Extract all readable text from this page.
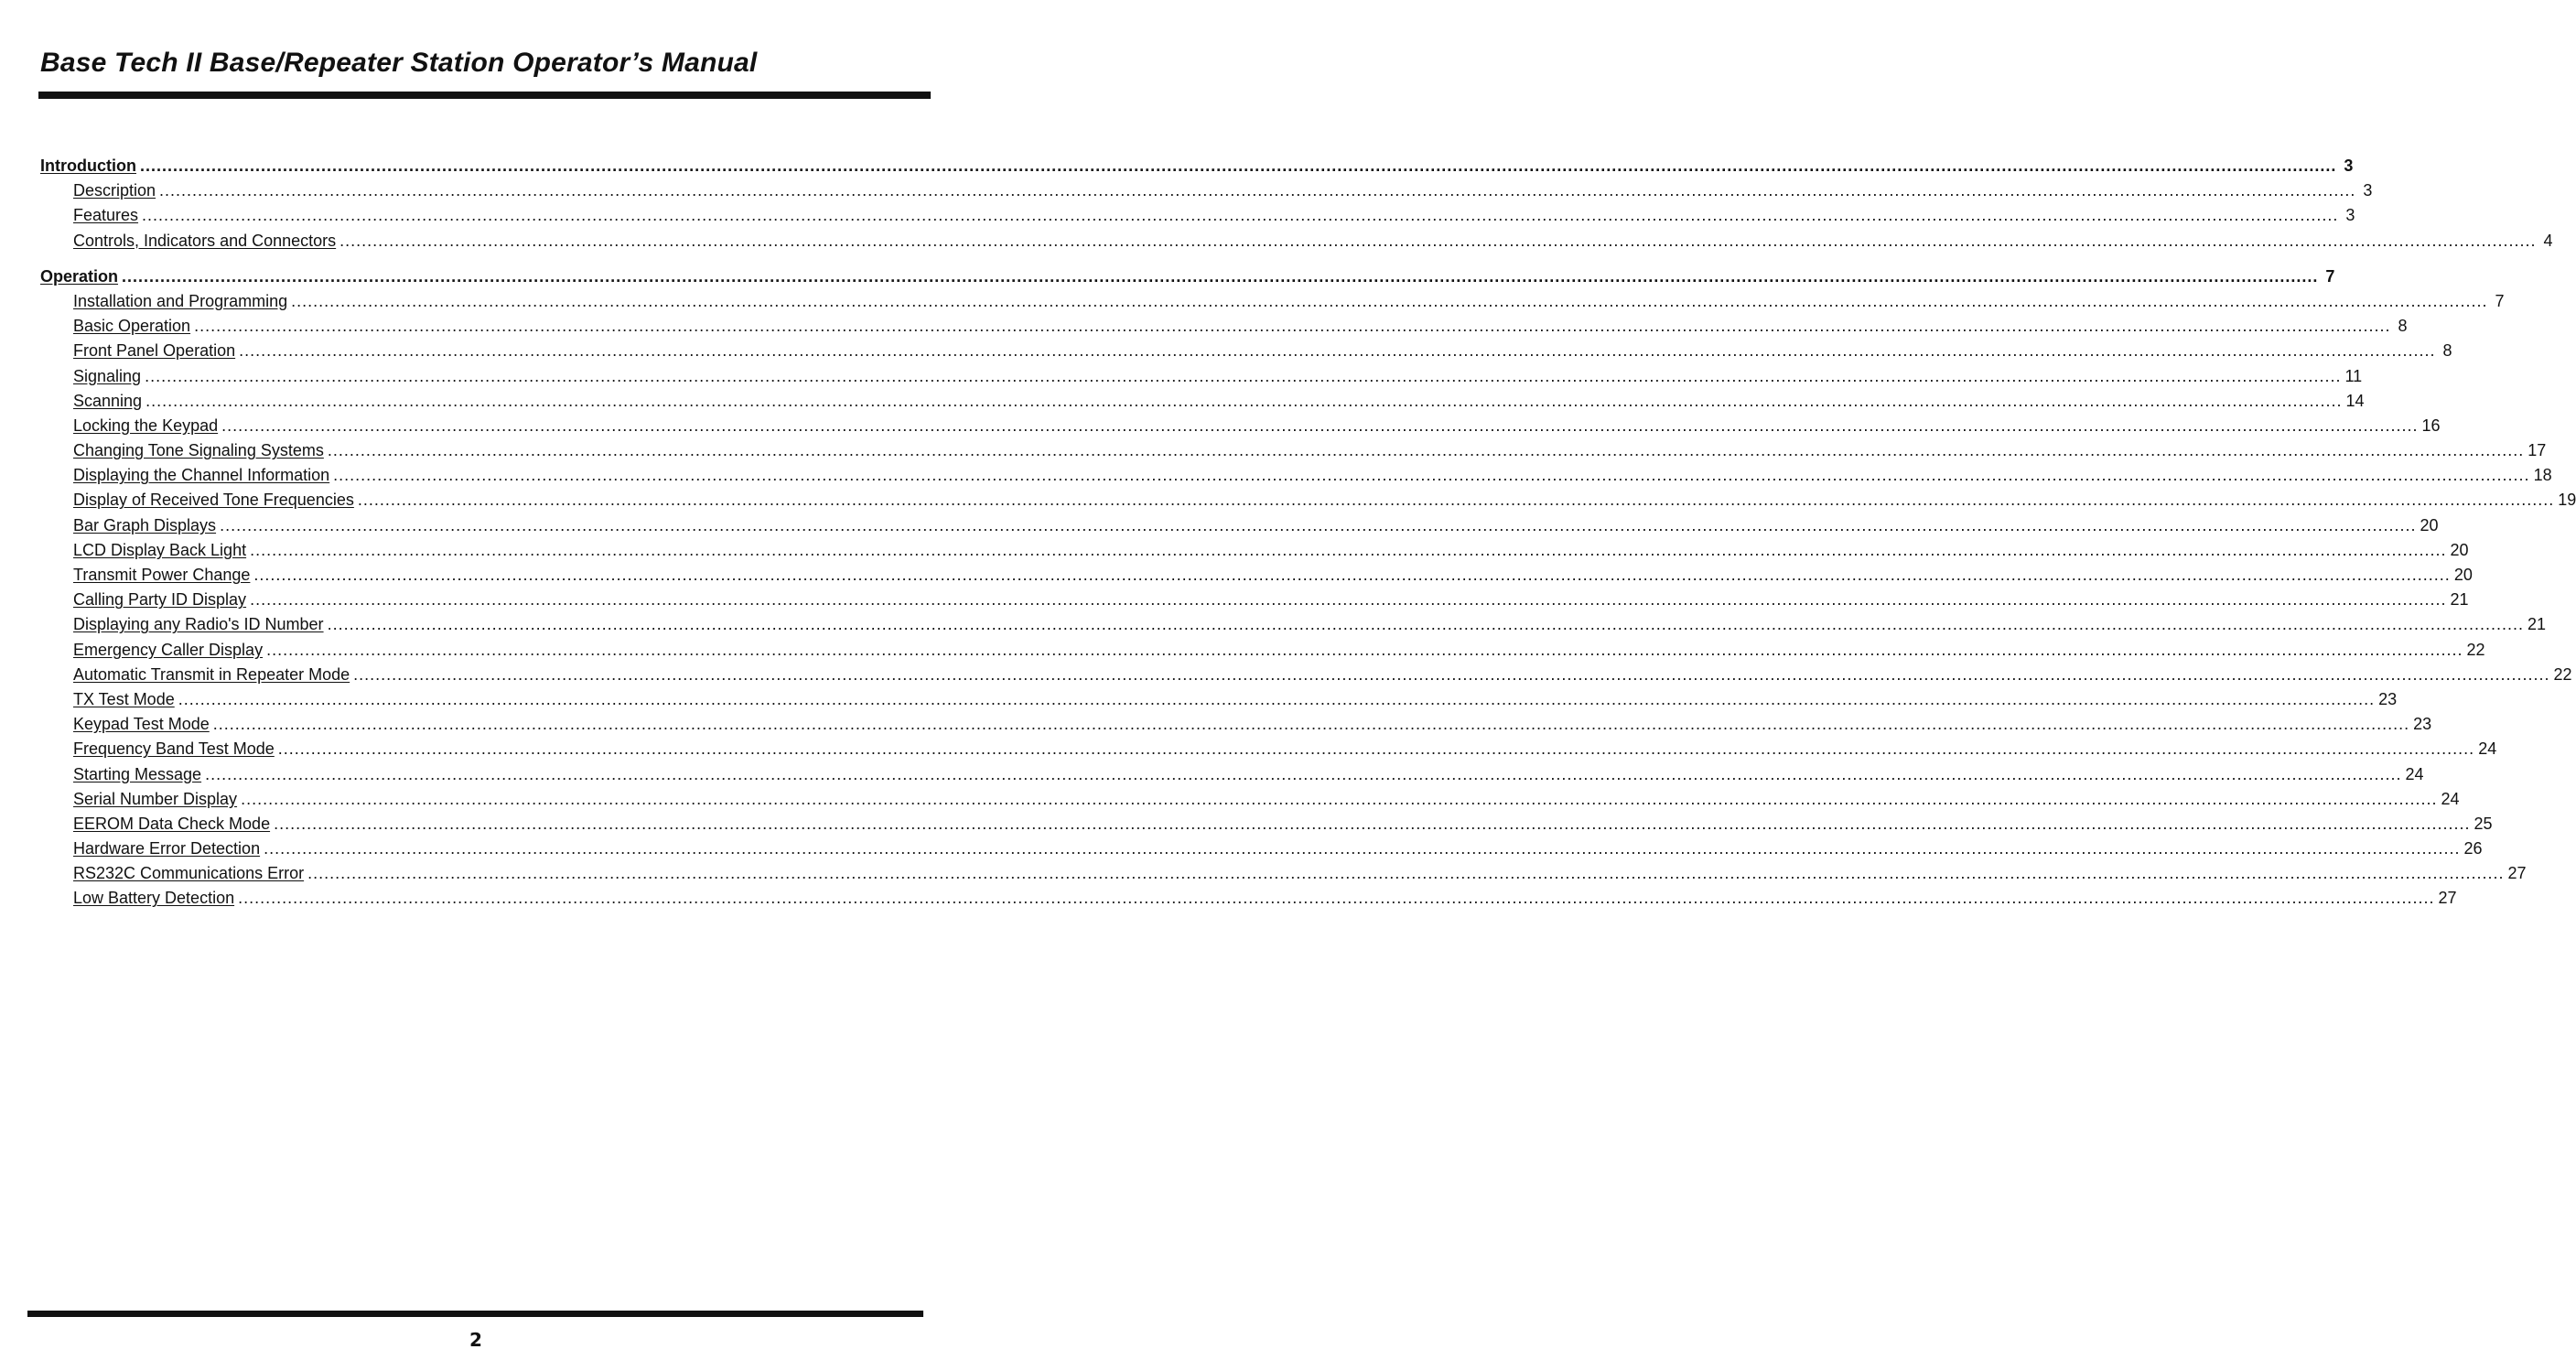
Base Tech II Base/Repeater Station Operator’s Manual
Introduction ................................................................................................................................................................................................................................................................................................................................................................................................................ 3
Description ................................................................................................................................................................................................................................................................................................................................................................................................................ 3
Features ................................................................................................................................................................................................................................................................................................................................................................................................................ 3
Controls, Indicators and Connectors ................................................................................................................................................................................................................................................................................................................................................................................................................ 4
Operation ................................................................................................................................................................................................................................................................................................................................................................................................................ 7
Installation and Programming ................................................................................................................................................................................................................................................................................................................................................................................................................ 7
Basic Operation ................................................................................................................................................................................................................................................................................................................................................................................................................ 8
Front Panel Operation ................................................................................................................................................................................................................................................................................................................................................................................................................ 8
Signaling ................................................................................................................................................................................................................................................................................................................................................................................................................ 11
Scanning ................................................................................................................................................................................................................................................................................................................................................................................................................ 14
Locking the Keypad ................................................................................................................................................................................................................................................................................................................................................................................................................ 16
Changing Tone Signaling Systems ................................................................................................................................................................................................................................................................................................................................................................................................................ 17
Displaying the Channel Information ................................................................................................................................................................................................................................................................................................................................................................................................................ 18
Display of Received Tone Frequencies ................................................................................................................................................................................................................................................................................................................................................................................................................ 19
Bar Graph Displays ................................................................................................................................................................................................................................................................................................................................................................................................................ 20
LCD Display Back Light ................................................................................................................................................................................................................................................................................................................................................................................................................ 20
Transmit Power Change ................................................................................................................................................................................................................................................................................................................................................................................................................ 20
Calling Party ID Display ................................................................................................................................................................................................................................................................................................................................................................................................................ 21
Displaying any Radio's ID Number ................................................................................................................................................................................................................................................................................................................................................................................................................ 21
Emergency Caller Display ................................................................................................................................................................................................................................................................................................................................................................................................................ 22
Automatic Transmit in Repeater Mode ................................................................................................................................................................................................................................................................................................................................................................................................................ 22
TX Test Mode ................................................................................................................................................................................................................................................................................................................................................................................................................ 23
Keypad Test Mode ................................................................................................................................................................................................................................................................................................................................................................................................................ 23
Frequency Band Test Mode ................................................................................................................................................................................................................................................................................................................................................................................................................ 24
Starting Message ................................................................................................................................................................................................................................................................................................................................................................................................................ 24
Serial Number Display ................................................................................................................................................................................................................................................................................................................................................................................................................ 24
EEROM Data Check Mode ................................................................................................................................................................................................................................................................................................................................................................................................................ 25
Hardware Error Detection ................................................................................................................................................................................................................................................................................................................................................................................................................ 26
RS232C Communications Error ................................................................................................................................................................................................................................................................................................................................................................................................................ 27
Low Battery Detection ................................................................................................................................................................................................................................................................................................................................................................................................................ 27
2
